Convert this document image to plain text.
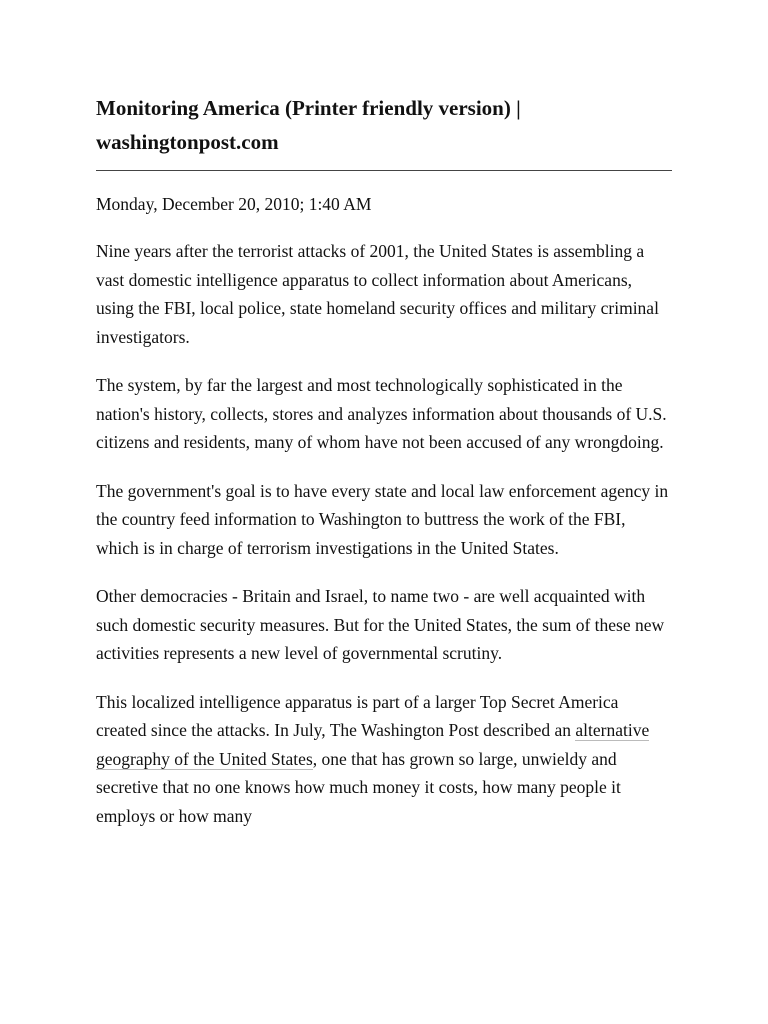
Monitoring America (Printer friendly version) | washingtonpost.com
Monday, December 20, 2010; 1:40 AM

Nine years after the terrorist attacks of 2001, the United States is assembling a vast domestic intelligence apparatus to collect information about Americans, using the FBI, local police, state homeland security offices and military criminal investigators.

The system, by far the largest and most technologically sophisticated in the nation's history, collects, stores and analyzes information about thousands of U.S. citizens and residents, many of whom have not been accused of any wrongdoing.

The government's goal is to have every state and local law enforcement agency in the country feed information to Washington to buttress the work of the FBI, which is in charge of terrorism investigations in the United States.

Other democracies - Britain and Israel, to name two - are well acquainted with such domestic security measures. But for the United States, the sum of these new activities represents a new level of governmental scrutiny.

This localized intelligence apparatus is part of a larger Top Secret America created since the attacks. In July, The Washington Post described an alternative geography of the United States, one that has grown so large, unwieldy and secretive that no one knows how much money it costs, how many people it employs or how many
